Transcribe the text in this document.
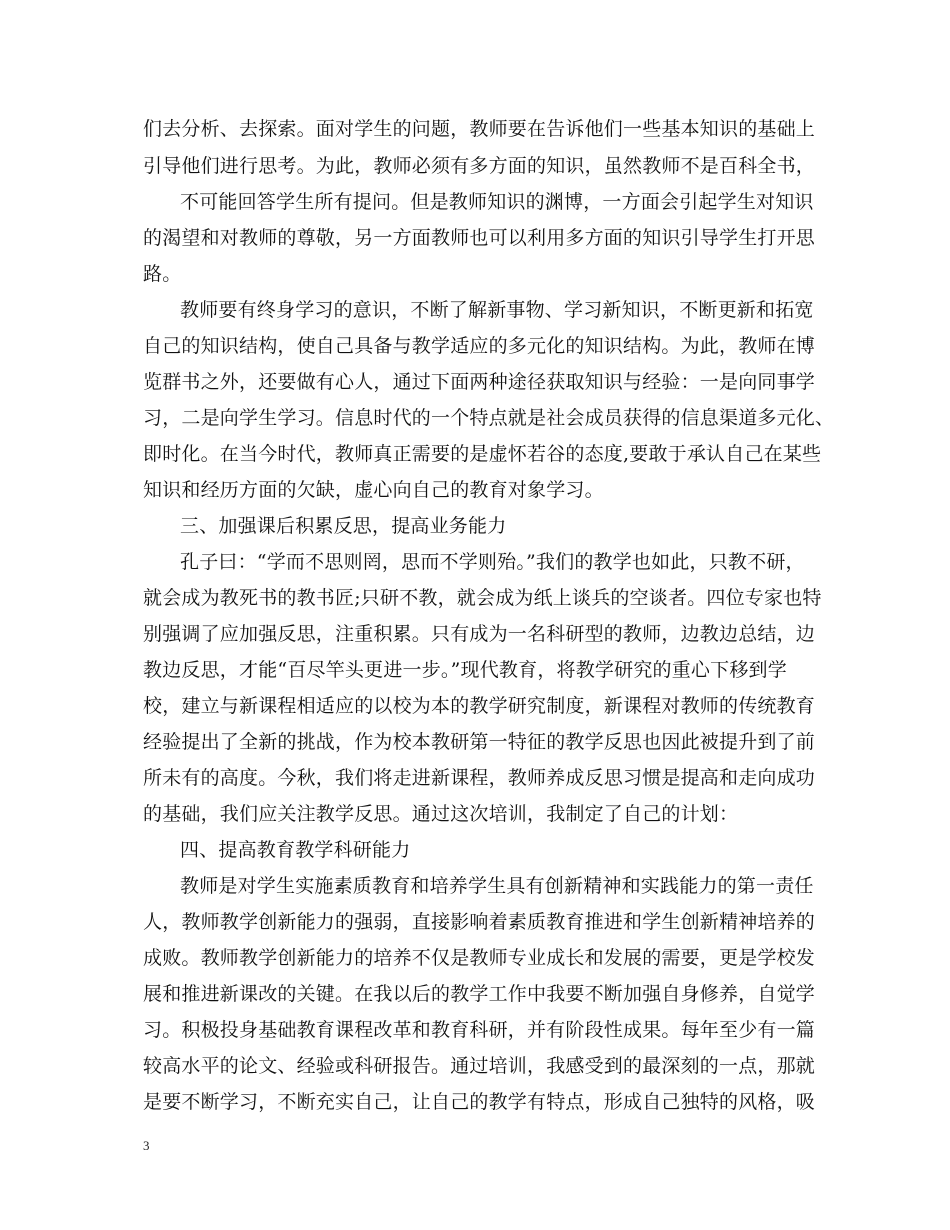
们去分析、去探索。面对学生的问题，教师要在告诉他们一些基本知识的基础上
引导他们进行思考。为此，教师必须有多方面的知识，虽然教师不是百科全书，
不可能回答学生所有提问。但是教师知识的渊博，一方面会引起学生对知识
的渴望和对教师的尊敬，另一方面教师也可以利用多方面的知识引导学生打开思
路。
教师要有终身学习的意识，不断了解新事物、学习新知识，不断更新和拓宽
自己的知识结构，使自己具备与教学适应的多元化的知识结构。为此，教师在博
览群书之外，还要做有心人，通过下面两种途径获取知识与经验：一是向同事学
习，二是向学生学习。信息时代的一个特点就是社会成员获得的信息渠道多元化、
即时化。在当今时代，教师真正需要的是虚怀若谷的态度,要敢于承认自己在某些
知识和经历方面的欠缺，虚心向自己的教育对象学习。
三、加强课后积累反思，提高业务能力
孔子曰：“学而不思则罔，思而不学则殆。”我们的教学也如此，只教不研，
就会成为教死书的教书匠;只研不教，就会成为纸上谈兵的空谈者。四位专家也特
别强调了应加强反思，注重积累。只有成为一名科研型的教师，边教边总结，边
教边反思，才能“百尽竿头更进一步。”现代教育，将教学研究的重心下移到学
校，建立与新课程相适应的以校为本的教学研究制度，新课程对教师的传统教育
经验提出了全新的挑战，作为校本教研第一特征的教学反思也因此被提升到了前
所未有的高度。今秋，我们将走进新课程，教师养成反思习惯是提高和走向成功
的基础，我们应关注教学反思。通过这次培训，我制定了自己的计划：
四、提高教育教学科研能力
教师是对学生实施素质教育和培养学生具有创新精神和实践能力的第一责任
人，教师教学创新能力的强弱，直接影响着素质教育推进和学生创新精神培养的
成败。教师教学创新能力的培养不仅是教师专业成长和发展的需要，更是学校发
展和推进新课改的关键。在我以后的教学工作中我要不断加强自身修养，自觉学
习。积极投身基础教育课程改革和教育科研，并有阶段性成果。每年至少有一篇
较高水平的论文、经验或科研报告。通过培训，我感受到的最深刻的一点，那就
是要不断学习，不断充实自己，让自己的教学有特点，形成自己独特的风格，吸
3
